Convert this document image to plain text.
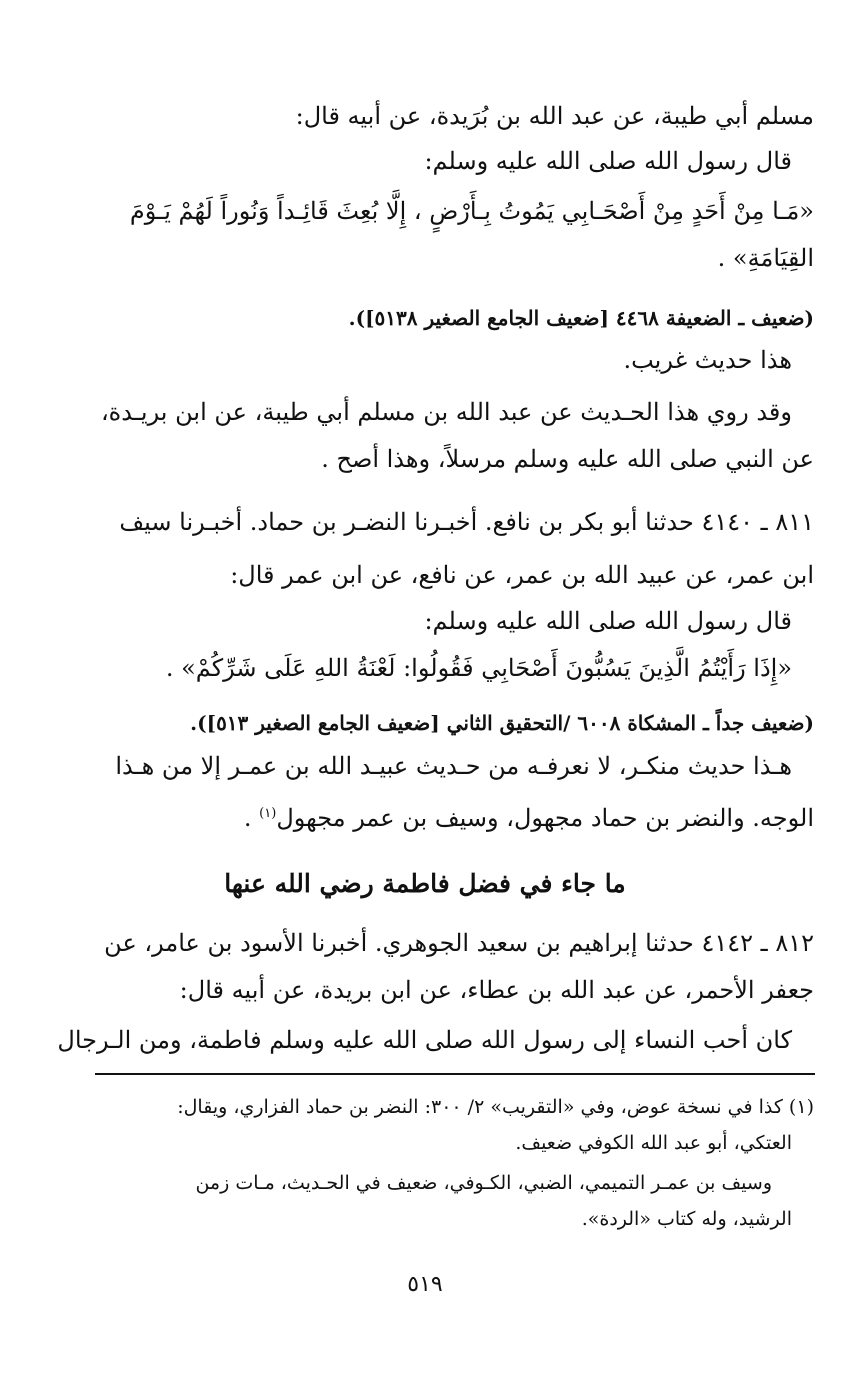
مسلم أبي طيبة، عن عبد الله بن بُرَيدة، عن أبيه قال:
قال رسول الله صلى الله عليه وسلم:
«مَـا مِنْ أَحَدٍ مِنْ أَصْحَـابِي يَمُوتُ بِـأَرْضٍ ، إِلَّا بُعِثَ قَائِـداً وَنُوراً لَهُمْ يَـوْمَ
القِيَامَةِ» .
(ضعيف ـ الضعيفة ٤٤٦٨ [ضعيف الجامع الصغير ٥١٣٨]).
هذا حديث غريب.
وقد روي هذا الحـديث عن عبد الله بن مسلم أبي طيبة، عن ابن بريـدة،
عن النبي صلى الله عليه وسلم مرسلاً، وهذا أصح .
٨١١ ـ ٤١٤٠ حدثنا أبو بكر بن نافع. أخبـرنا النضـر بن حماد. أخبـرنا سيف
ابن عمر، عن عبيد الله بن عمر، عن نافع، عن ابن عمر قال:
قال رسول الله صلى الله عليه وسلم:
«إِذَا رَأَيْتُمُ الَّذِينَ يَسُبُّونَ أَصْحَابِي فَقُولُوا: لَعْنَةُ اللهِ عَلَى شَرِّكُمْ» .
(ضعيف جداً ـ المشكاة ٦٠٠٨ /التحقيق الثاني [ضعيف الجامع الصغير ٥١٣]).
هـذا حديث منكـر، لا نعرفـه من حـديث عبيـد الله بن عمـر إلا من هـذا
الوجه. والنضر بن حماد مجهول، وسيف بن عمر مجهول$^{(١)}$ .
ما جاء في فضل فاطمة رضي الله عنها
٨١٢ ـ ٤١٤٢ حدثنا إبراهيم بن سعيد الجوهري. أخبرنا الأسود بن عامر، عن
جعفر الأحمر، عن عبد الله بن عطاء، عن ابن بريدة، عن أبيه قال:
كان أحب النساء إلى رسول الله صلى الله عليه وسلم فاطمة، ومن الـرجال
(١) كذا في نسخة عوض، وفي «التقريب» ٢/ ٣٠٠: النضر بن حماد الفزاري، ويقال:
العتكي، أبو عبد الله الكوفي ضعيف.
وسيف بن عمـر التميمي، الضبي، الكـوفي، ضعيف في الحـديث، مـات زمن
الرشيد، وله كتاب «الردة».
٥١٩
